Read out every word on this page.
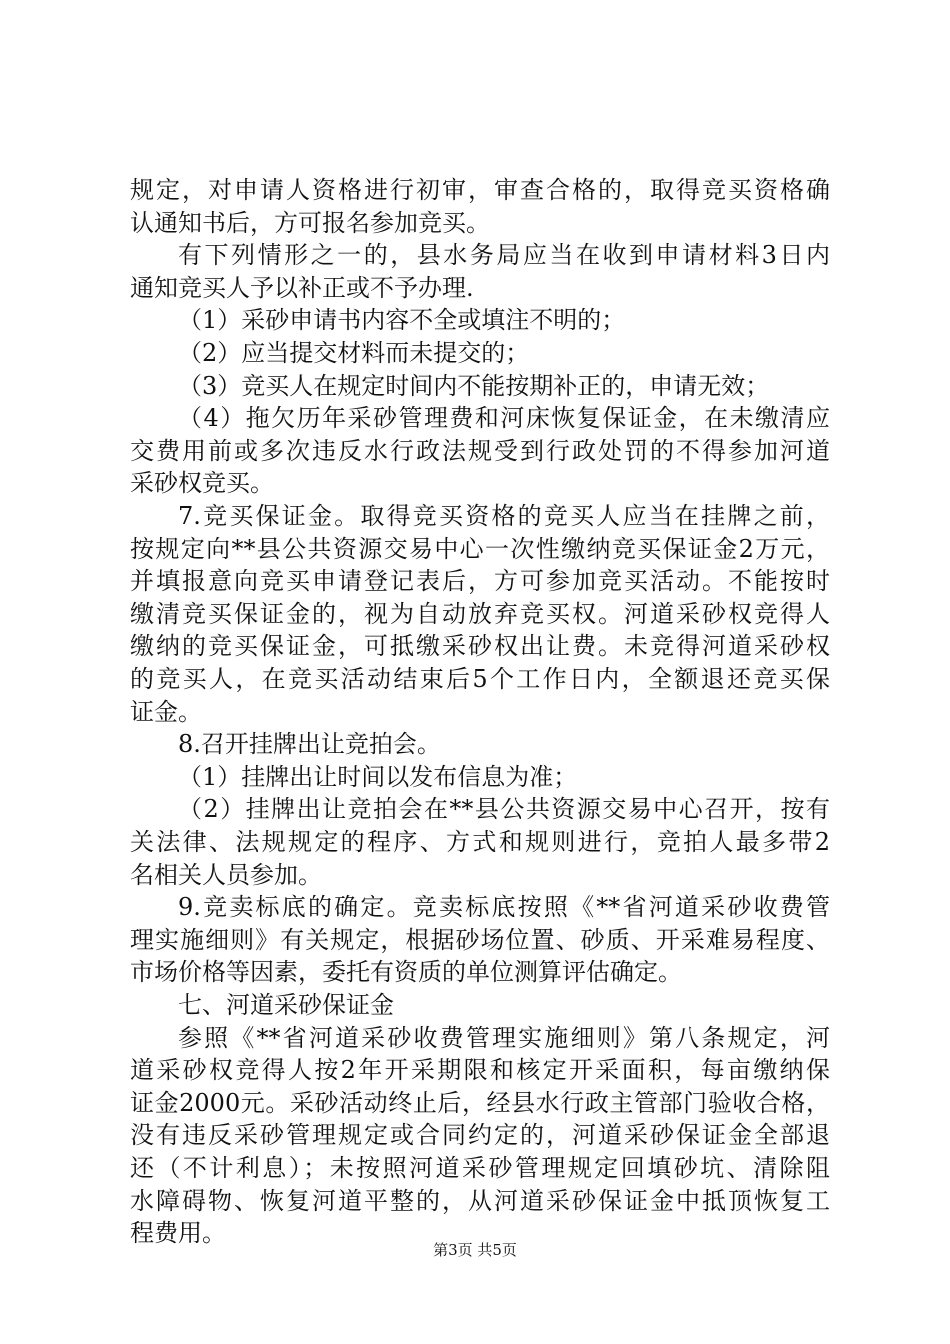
规定，对申请人资格进行初审，审查合格的，取得竞买资格确
认通知书后，方可报名参加竞买。
有下列情形之一的，县水务局应当在收到申请材料3日内
通知竞买人予以补正或不予办理.
（1）采砂申请书内容不全或填注不明的；
（2）应当提交材料而未提交的；
（3）竞买人在规定时间内不能按期补正的，申请无效；
（4）拖欠历年采砂管理费和河床恢复保证金，在未缴清应
交费用前或多次违反水行政法规受到行政处罚的不得参加河道
采砂权竞买。
7.竞买保证金。取得竞买资格的竞买人应当在挂牌之前，
按规定向**县公共资源交易中心一次性缴纳竞买保证金2万元，
并填报意向竞买申请登记表后，方可参加竞买活动。不能按时
缴清竞买保证金的，视为自动放弃竞买权。河道采砂权竞得人
缴纳的竞买保证金，可抵缴采砂权出让费。未竞得河道采砂权
的竞买人，在竞买活动结束后5个工作日内，全额退还竞买保
证金。
8.召开挂牌出让竞拍会。
（1）挂牌出让时间以发布信息为准；
（2）挂牌出让竞拍会在**县公共资源交易中心召开，按有
关法律、法规规定的程序、方式和规则进行，竞拍人最多带2
名相关人员参加。
9.竞卖标底的确定。竞卖标底按照《**省河道采砂收费管
理实施细则》有关规定，根据砂场位置、砂质、开采难易程度、
市场价格等因素，委托有资质的单位测算评估确定。
七、河道采砂保证金
参照《**省河道采砂收费管理实施细则》第八条规定，河
道采砂权竞得人按2年开采期限和核定开采面积，每亩缴纳保
证金2000元。采砂活动终止后，经县水行政主管部门验收合格，
没有违反采砂管理规定或合同约定的，河道采砂保证金全部退
还（不计利息）；未按照河道采砂管理规定回填砂坑、清除阻
水障碍物、恢复河道平整的，从河道采砂保证金中抵顶恢复工
程费用。
第3页 共5页
